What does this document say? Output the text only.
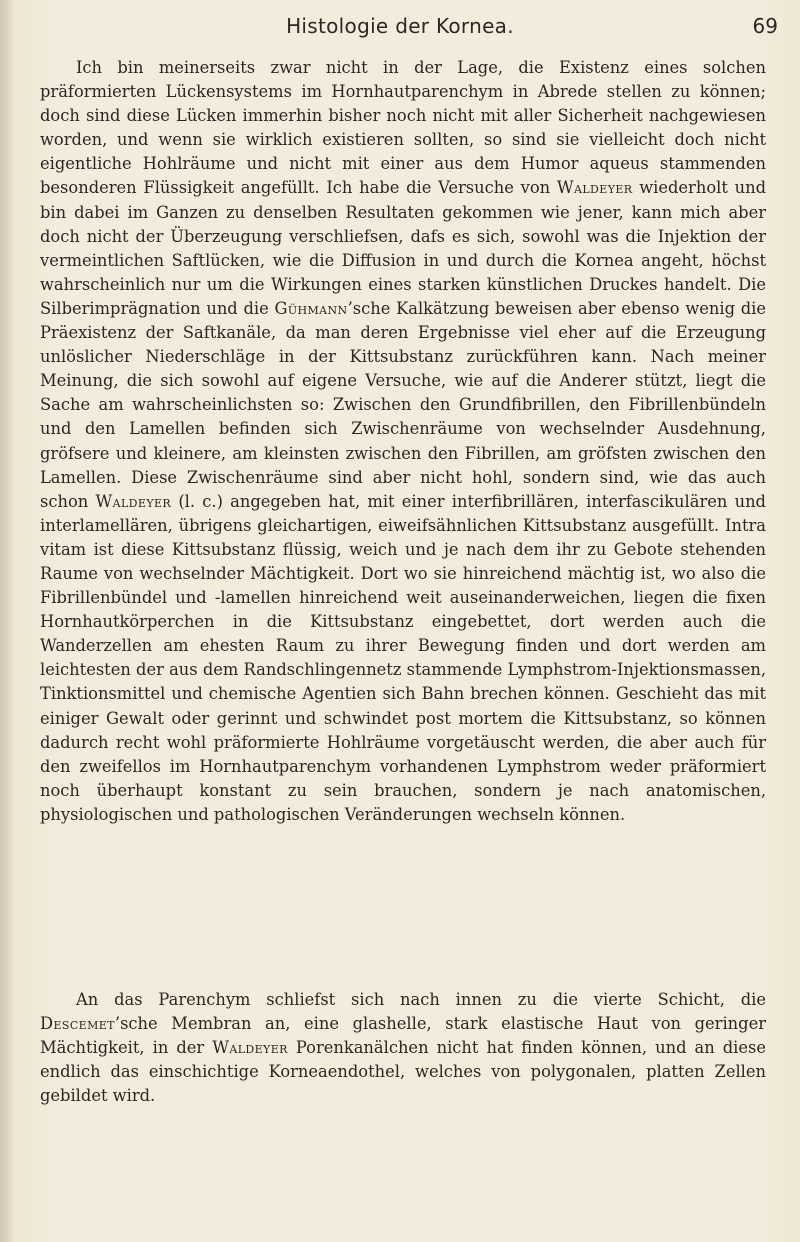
Histologie der Kornea.	69

Ich bin meinerseits zwar nicht in der Lage, die Existenz eines solchen präformierten Lückensystems im Hornhautparenchym in Abrede stellen zu können; doch sind diese Lücken immerhin bisher noch nicht mit aller Sicherheit nachgewiesen worden, und wenn sie wirklich existieren sollten, so sind sie vielleicht doch nicht eigentliche Hohlräume und nicht mit einer aus dem Humor aqueus stammenden besonderen Flüssigkeit angefüllt. Ich habe die Versuche von Waldeyer wiederholt und bin dabei im Ganzen zu denselben Resultaten gekommen wie jener, kann mich aber doch nicht der Überzeugung verschliefsen, dafs es sich, sowohl was die Injektion der vermeintlichen Saftlücken, wie die Diffusion in und durch die Kornea angeht, höchst wahrscheinlich nur um die Wirkungen eines starken künstlichen Druckes handelt. Die Silberimprägnation und die Gühmann’sche Kalkätzung beweisen aber ebenso wenig die Präexistenz der Saftkanäle, da man deren Ergebnisse viel eher auf die Erzeugung unlöslicher Niederschläge in der Kittsubstanz zurückführen kann. Nach meiner Meinung, die sich sowohl auf eigene Versuche, wie auf die Anderer stützt, liegt die Sache am wahrscheinlichsten so: Zwischen den Grundfibrillen, den Fibrillenbündeln und den Lamellen befinden sich Zwischenräume von wechselnder Ausdehnung, gröfsere und kleinere, am kleinsten zwischen den Fibrillen, am gröfsten zwischen den Lamellen. Diese Zwischenräume sind aber nicht hohl, sondern sind, wie das auch schon Waldeyer (l. c.) angegeben hat, mit einer interfibrillären, interfascikulären und interlamellären, übrigens gleichartigen, eiweifsähnlichen Kittsubstanz ausgefüllt. Intra vitam ist diese Kittsubstanz flüssig, weich und je nach dem ihr zu Gebote stehenden Raume von wechselnder Mächtigkeit. Dort wo sie hinreichend mächtig ist, wo also die Fibrillenbündel und -lamellen hinreichend weit auseinanderweichen, liegen die fixen Hornhautkörperchen in die Kittsubstanz eingebettet, dort werden auch die Wanderzellen am ehesten Raum zu ihrer Bewegung finden und dort werden am leichtesten der aus dem Randschlingennetz stammende Lymphstrom-Injektionsmassen, Tinktionsmittel und chemische Agentien sich Bahn brechen können. Geschieht das mit einiger Gewalt oder gerinnt und schwindet post mortem die Kittsubstanz, so können dadurch recht wohl präformierte Hohlräume vorgetäuscht werden, die aber auch für den zweifellos im Hornhautparenchym vorhandenen Lymphstrom weder präformiert noch überhaupt konstant zu sein brauchen, sondern je nach anatomischen, physiologischen und pathologischen Veränderungen wechseln können.

An das Parenchym schliefst sich nach innen zu die vierte Schicht, die Descemet’sche Membran an, eine glashelle, stark elastische Haut von geringer Mächtigkeit, in der Waldeyer Porenkanälchen nicht hat finden können, und an diese endlich das einschichtige Korneaendothel, welches von polygonalen, platten Zellen gebildet wird.
